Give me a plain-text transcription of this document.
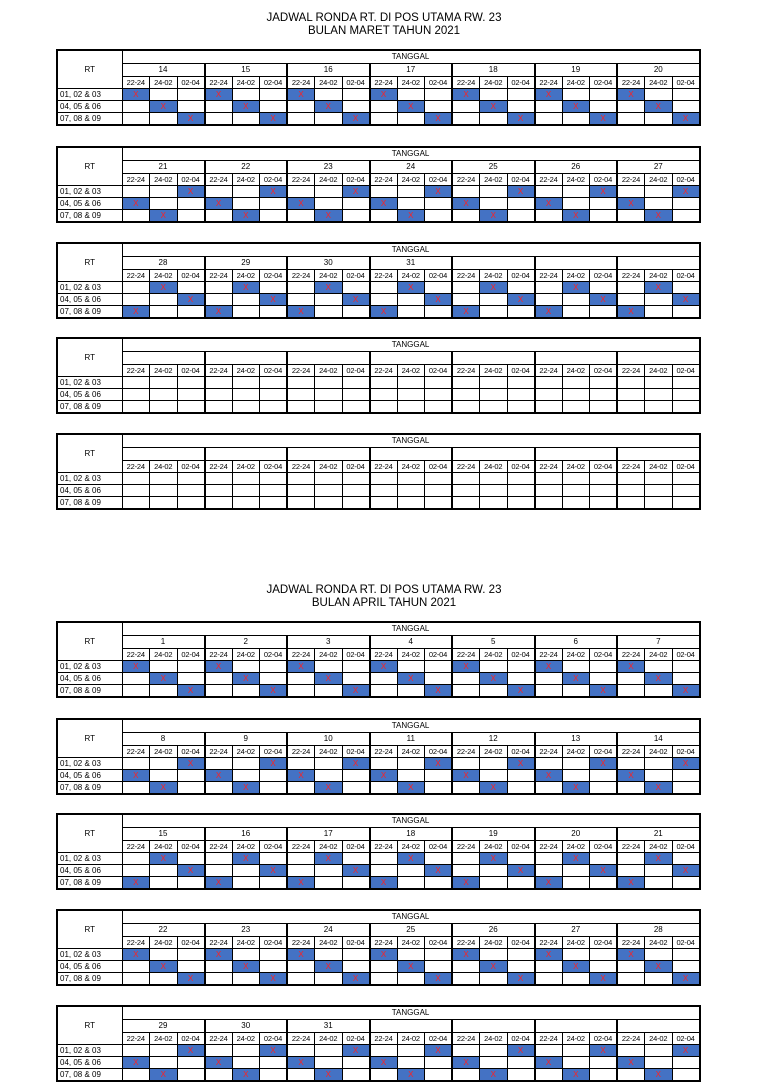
JADWAL RONDA RT. DI POS UTAMA RW. 23
BULAN MARET TAHUN 2021
JADWAL RONDA RT. DI POS UTAMA RW. 23
BULAN APRIL TAHUN 2021
RT	TANGGAL																				
	14			15			16			17			18			19			20		
	22-24	24-02	02-04	22-24	24-02	02-04	22-24	24-02	02-04	22-24	24-02	02-04	22-24	24-02	02-04	22-24	24-02	02-04	22-24	24-02	02-04
01, 02 & 03	X			X			X			X			X			X			X		
04, 05 & 06		X			X			X			X			X			X			X	
07, 08 & 09			X			X			X			X			X			X			X
RT	TANGGAL																				
	21			22			23			24			25			26			27		
	22-24	24-02	02-04	22-24	24-02	02-04	22-24	24-02	02-04	22-24	24-02	02-04	22-24	24-02	02-04	22-24	24-02	02-04	22-24	24-02	02-04
01, 02 & 03			X			X			X			X			X			X			X
04, 05 & 06	X			X			X			X			X			X			X		
07, 08 & 09		X			X			X			X			X			X			X	
RT	TANGGAL																				
	28			29			30			31											
	22-24	24-02	02-04	22-24	24-02	02-04	22-24	24-02	02-04	22-24	24-02	02-04	22-24	24-02	02-04	22-24	24-02	02-04	22-24	24-02	02-04
01, 02 & 03		X			X			X			X			X			X			X	
04, 05 & 06			X			X			X			X			X			X			X
07, 08 & 09	X			X			X			X			X			X			X		
RT	TANGGAL																				

	22-24	24-02	02-04	22-24	24-02	02-04	22-24	24-02	02-04	22-24	24-02	02-04	22-24	24-02	02-04	22-24	24-02	02-04	22-24	24-02	02-04
01, 02 & 03																					
04, 05 & 06																					
07, 08 & 09																					
RT	TANGGAL																				

	22-24	24-02	02-04	22-24	24-02	02-04	22-24	24-02	02-04	22-24	24-02	02-04	22-24	24-02	02-04	22-24	24-02	02-04	22-24	24-02	02-04
01, 02 & 03																					
04, 05 & 06																					
07, 08 & 09																					
RT	TANGGAL																				
	1			2			3			4			5			6			7		
	22-24	24-02	02-04	22-24	24-02	02-04	22-24	24-02	02-04	22-24	24-02	02-04	22-24	24-02	02-04	22-24	24-02	02-04	22-24	24-02	02-04
01, 02 & 03	X			X			X			X			X			X			X		
04, 05 & 06		X			X			X			X			X			X			X	
07, 08 & 09			X			X			X			X			X			X			X
RT	TANGGAL																				
	8			9			10			11			12			13			14		
	22-24	24-02	02-04	22-24	24-02	02-04	22-24	24-02	02-04	22-24	24-02	02-04	22-24	24-02	02-04	22-24	24-02	02-04	22-24	24-02	02-04
01, 02 & 03			X			X			X			X			X			X			X
04, 05 & 06	X			X			X			X			X			X			X		
07, 08 & 09		X			X			X			X			X			X			X	
RT	TANGGAL																				
	15			16			17			18			19			20			21		
	22-24	24-02	02-04	22-24	24-02	02-04	22-24	24-02	02-04	22-24	24-02	02-04	22-24	24-02	02-04	22-24	24-02	02-04	22-24	24-02	02-04
01, 02 & 03		X			X			X			X			X			X			X	
04, 05 & 06			X			X			X			X			X			X			X
07, 08 & 09	X			X			X			X			X			X			X		
RT	TANGGAL																				
	22			23			24			25			26			27			28		
	22-24	24-02	02-04	22-24	24-02	02-04	22-24	24-02	02-04	22-24	24-02	02-04	22-24	24-02	02-04	22-24	24-02	02-04	22-24	24-02	02-04
01, 02 & 03	X			X			X			X			X			X			X		
04, 05 & 06		X			X			X			X			X			X			X	
07, 08 & 09			X			X			X			X			X			X			X
RT	TANGGAL																				
	29			30			31														
	22-24	24-02	02-04	22-24	24-02	02-04	22-24	24-02	02-04	22-24	24-02	02-04	22-24	24-02	02-04	22-24	24-02	02-04	22-24	24-02	02-04
01, 02 & 03			X			X			X			X			X			X			X
04, 05 & 06	X			X			X			X			X			X			X		
07, 08 & 09		X			X			X			X			X			X			X	
